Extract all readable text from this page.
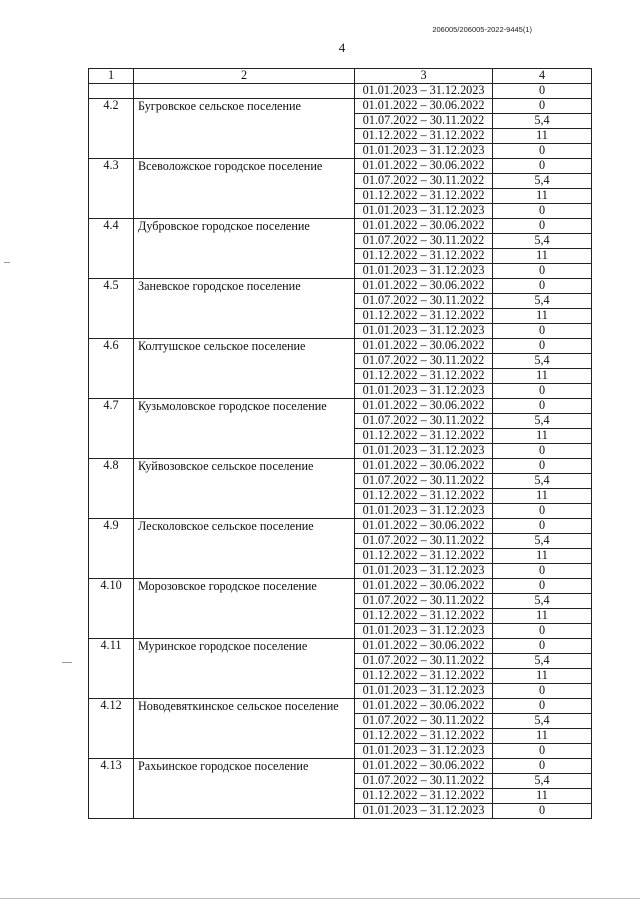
206005/206005-2022-9445(1)
4
1	2	3	4
		01.01.2023 – 31.12.2023	0
4.2	Бугровское сельское поселение	01.01.2022 – 30.06.2022	0
		01.07.2022 – 30.11.2022	5,4
		01.12.2022 – 31.12.2022	11
		01.01.2023 – 31.12.2023	0
4.3	Всеволожское городское поселение	01.01.2022 – 30.06.2022	0
		01.07.2022 – 30.11.2022	5,4
		01.12.2022 – 31.12.2022	11
		01.01.2023 – 31.12.2023	0
4.4	Дубровское городское поселение	01.01.2022 – 30.06.2022	0
		01.07.2022 – 30.11.2022	5,4
		01.12.2022 – 31.12.2022	11
		01.01.2023 – 31.12.2023	0
4.5	Заневское городское поселение	01.01.2022 – 30.06.2022	0
		01.07.2022 – 30.11.2022	5,4
		01.12.2022 – 31.12.2022	11
		01.01.2023 – 31.12.2023	0
4.6	Колтушское сельское поселение	01.01.2022 – 30.06.2022	0
		01.07.2022 – 30.11.2022	5,4
		01.12.2022 – 31.12.2022	11
		01.01.2023 – 31.12.2023	0
4.7	Кузьмоловское городское поселение	01.01.2022 – 30.06.2022	0
		01.07.2022 – 30.11.2022	5,4
		01.12.2022 – 31.12.2022	11
		01.01.2023 – 31.12.2023	0
4.8	Куйвозовское сельское поселение	01.01.2022 – 30.06.2022	0
		01.07.2022 – 30.11.2022	5,4
		01.12.2022 – 31.12.2022	11
		01.01.2023 – 31.12.2023	0
4.9	Лесколовское сельское поселение	01.01.2022 – 30.06.2022	0
		01.07.2022 – 30.11.2022	5,4
		01.12.2022 – 31.12.2022	11
		01.01.2023 – 31.12.2023	0
4.10	Морозовское городское поселение	01.01.2022 – 30.06.2022	0
		01.07.2022 – 30.11.2022	5,4
		01.12.2022 – 31.12.2022	11
		01.01.2023 – 31.12.2023	0
4.11	Муринское городское поселение	01.01.2022 – 30.06.2022	0
		01.07.2022 – 30.11.2022	5,4
		01.12.2022 – 31.12.2022	11
		01.01.2023 – 31.12.2023	0
4.12	Новодевяткинское сельское поселение	01.01.2022 – 30.06.2022	0
		01.07.2022 – 30.11.2022	5,4
		01.12.2022 – 31.12.2022	11
		01.01.2023 – 31.12.2023	0
4.13	Рахьинское городское поселение	01.01.2022 – 30.06.2022	0
		01.07.2022 – 30.11.2022	5,4
		01.12.2022 – 31.12.2022	11
		01.01.2023 – 31.12.2023	0
